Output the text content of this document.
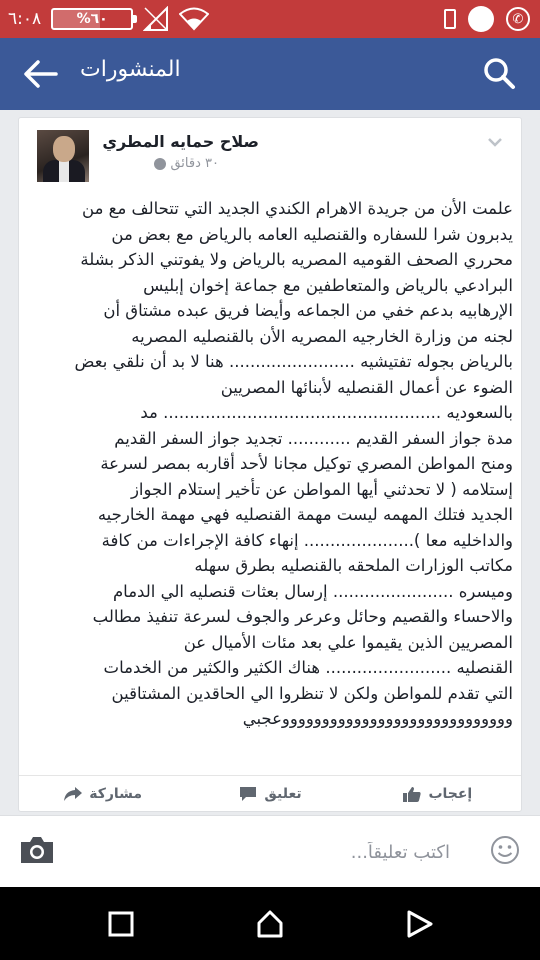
٦:٠٨	%٦٠	✆
المنشورات
صلاح حمايه المطري
٣٠ دقائق
علمت الأن من جريدة الاهرام الكندي الجديد التي تتحالف مع من
يدبرون شرا للسفاره والقنصليه العامه بالرياض مع بعض من
محرري الصحف القوميه المصريه بالرياض ولا يفوتني الذكر بشلة
البرادعي بالرياض والمتعاطفين مع جماعة إخوان إبليس
الإرهابيه بدعم خفي من الجماعه وأيضا فريق عبده مشتاق أن
لجنه من وزارة الخارجيه المصريه الأن بالقنصليه المصريه
بالرياض بجوله تفتيشيه ........................ هنا لا بد أن نلقي بعض
الضوء عن أعمال القنصليه لأبنائها المصريين
بالسعوديه ..................................................... مد
مدة جواز السفر القديم ............ تجديد جواز السفر القديم
ومنح المواطن المصري توكيل مجانا لأحد أقاربه بمصر لسرعة
إستلامه ( لا تحدثني أيها المواطن عن تأخير إستلام الجواز
الجديد فتلك المهمه ليست مهمة القنصليه فهي مهمة الخارجيه
والداخليه معا )..................... إنهاء كافة الإجراءات من كافة
مكاتب الوزارات الملحقه بالقنصليه بطرق سهله
وميسره ....................... إرسال بعثات قنصليه الي الدمام
والاحساء والقصيم وحائل وعرعر والجوف لسرعة تنفيذ مطالب
المصريين الذين يقيموا علي بعد مئات الأميال عن
القنصليه ........................ هناك الكثير والكثير من الخدمات
التي تقدم للمواطن ولكن لا تنظروا الي الحاقدين المشتاقين
وووووووووووووووووووووووووووووعجبي
مشاركة	تعليق	إعجاب
اكتب تعليقاً...
